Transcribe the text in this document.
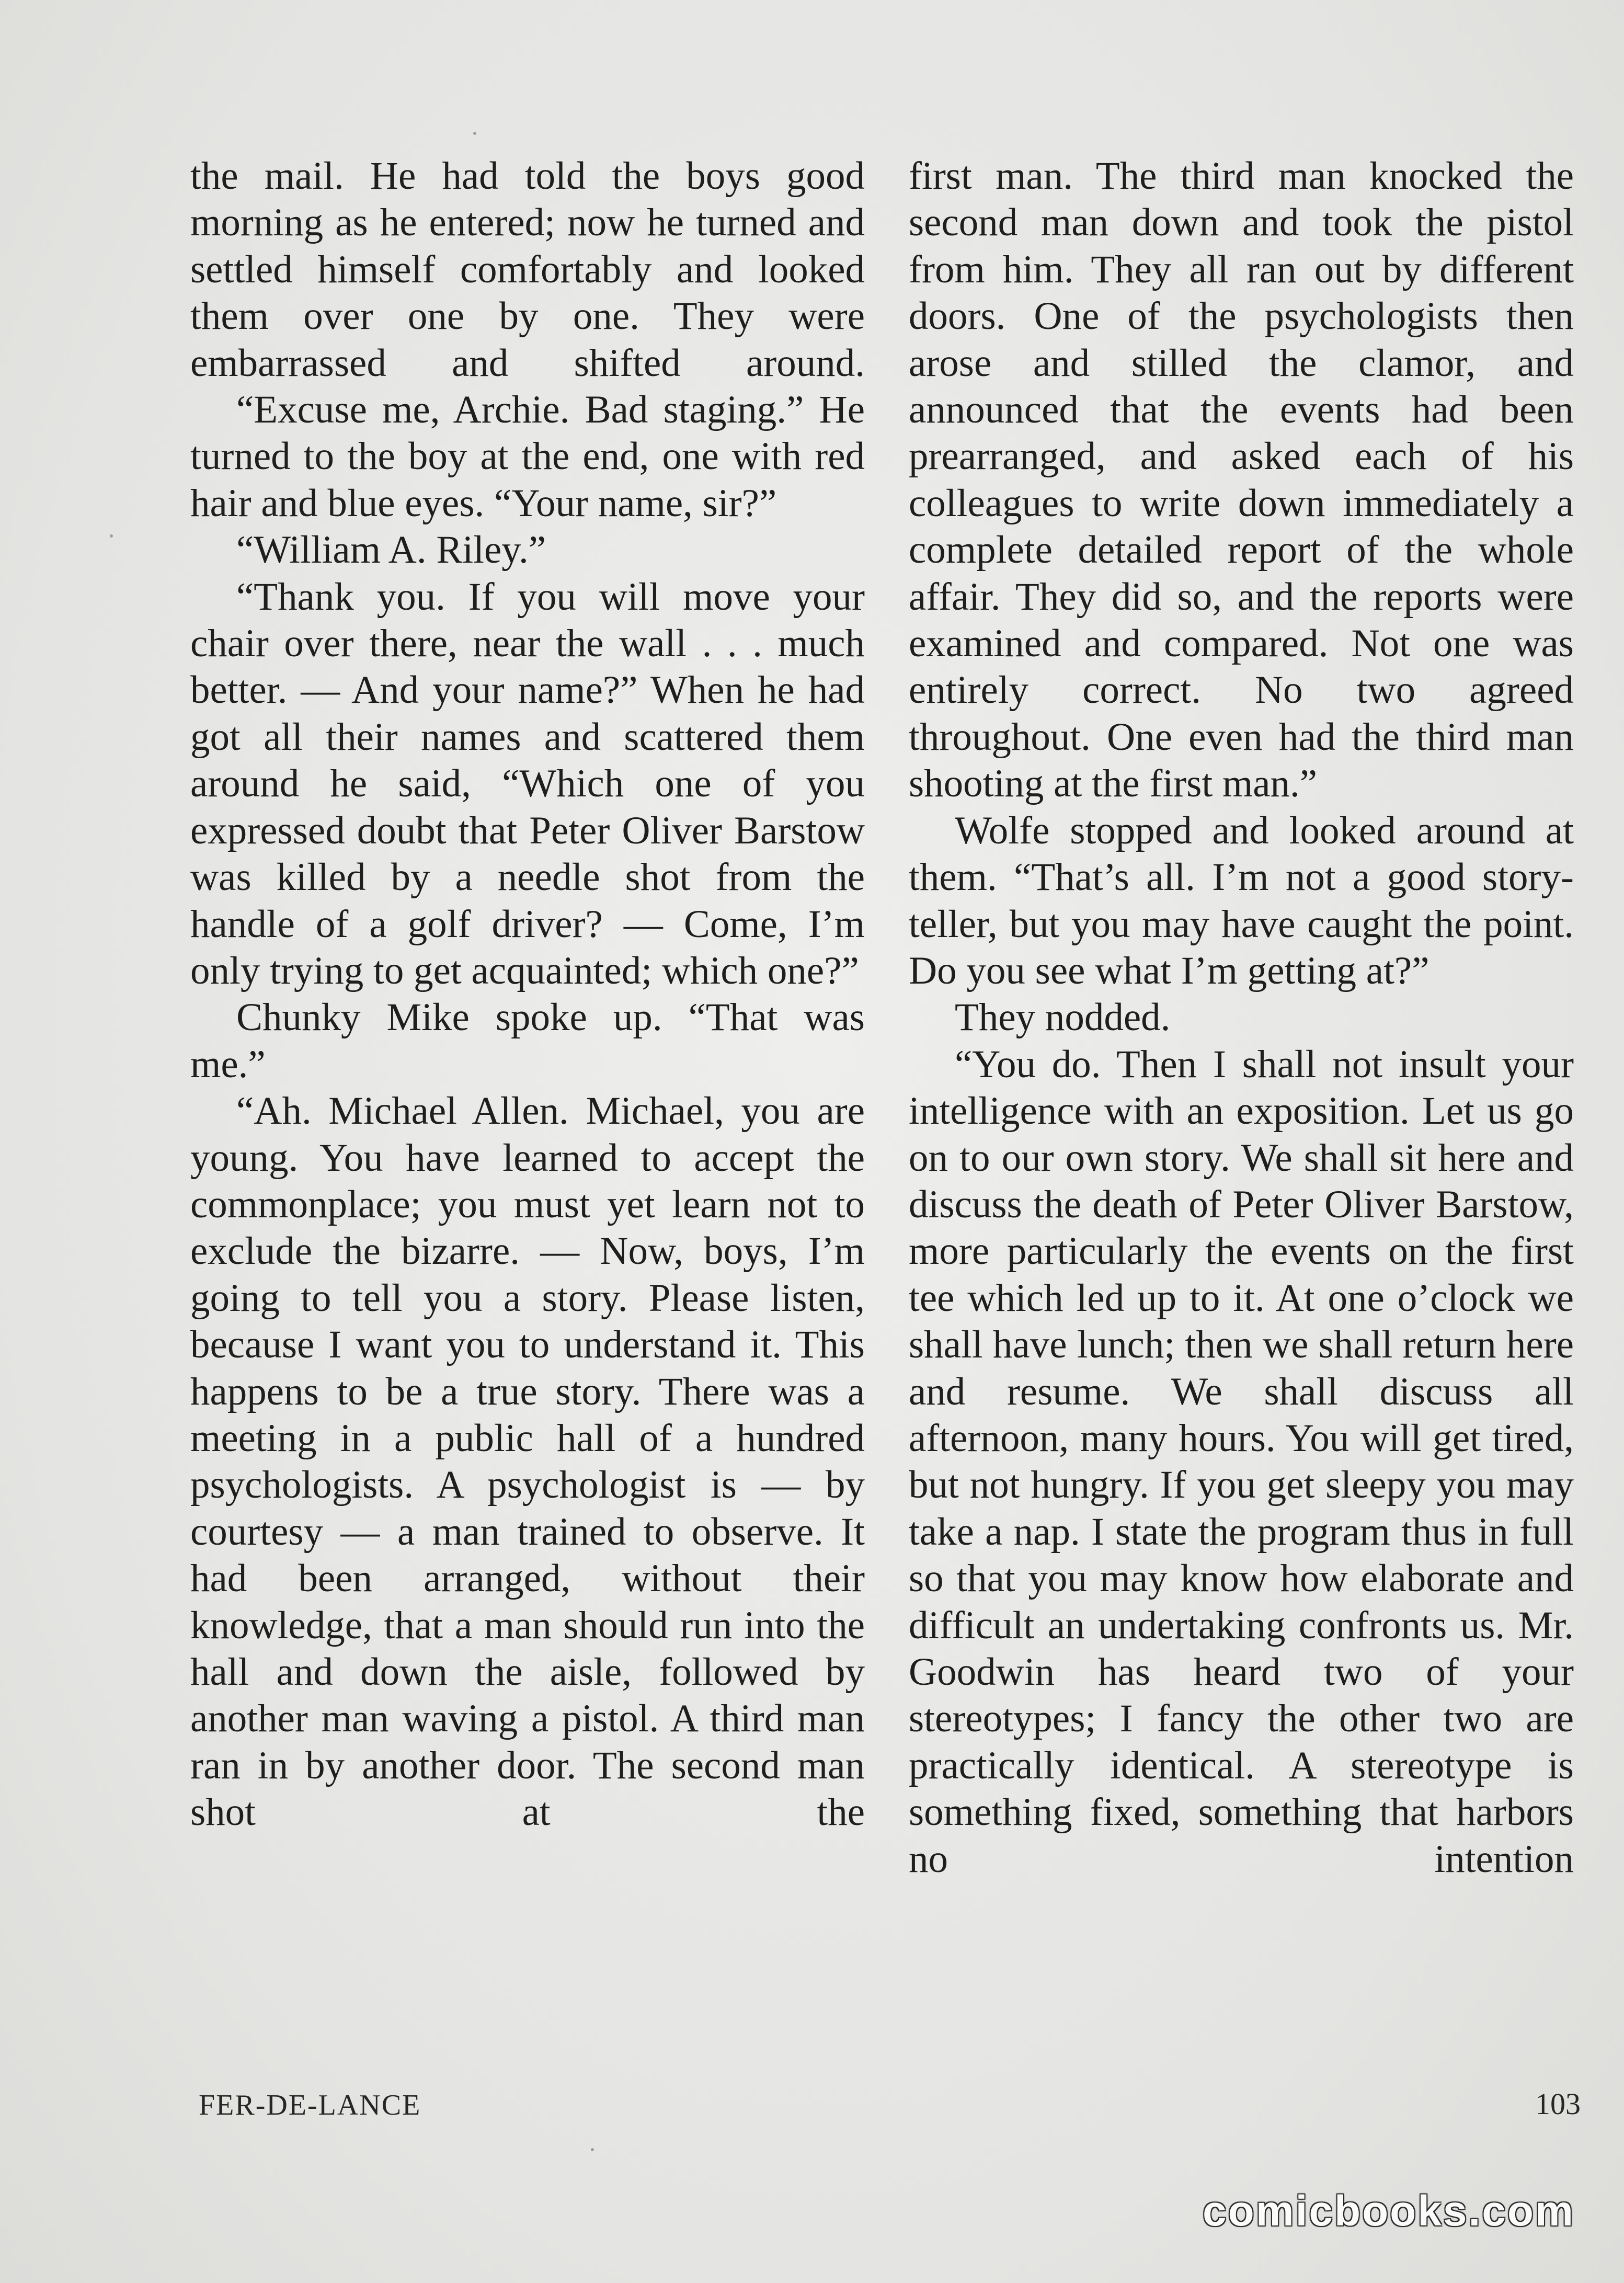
the mail. He had told the boys good morning as he entered; now he turned and settled himself comfortably and looked them over one by one. They were embarrassed and shifted around.

“Excuse me, Archie. Bad staging.” He turned to the boy at the end, one with red hair and blue eyes. “Your name, sir?”

“William A. Riley.”

“Thank you. If you will move your chair over there, near the wall . . . much better. — And your name?” When he had got all their names and scattered them around he said, “Which one of you expressed doubt that Peter Oliver Barstow was killed by a needle shot from the handle of a golf driver? — Come, I’m only trying to get acquainted; which one?”

Chunky Mike spoke up. “That was me.”

“Ah. Michael Allen. Michael, you are young. You have learned to accept the commonplace; you must yet learn not to exclude the bizarre. — Now, boys, I’m going to tell you a story. Please listen, because I want you to understand it. This happens to be a true story. There was a meeting in a public hall of a hundred psychologists. A psychologist is — by courtesy — a man trained to observe. It had been arranged, without their knowledge, that a man should run into the hall and down the aisle, followed by another man waving a pistol. A third man ran in by another door. The second man shot at the

first man. The third man knocked the second man down and took the pistol from him. They all ran out by different doors. One of the psychologists then arose and stilled the clamor, and announced that the events had been prearranged, and asked each of his colleagues to write down immediately a complete detailed report of the whole affair. They did so, and the reports were examined and compared. Not one was entirely correct. No two agreed throughout. One even had the third man shooting at the first man.”

Wolfe stopped and looked around at them. “That’s all. I’m not a good story-teller, but you may have caught the point. Do you see what I’m getting at?”

They nodded.

“You do. Then I shall not insult your intelligence with an exposition. Let us go on to our own story. We shall sit here and discuss the death of Peter Oliver Barstow, more particularly the events on the first tee which led up to it. At one o’clock we shall have lunch; then we shall return here and resume. We shall discuss all afternoon, many hours. You will get tired, but not hungry. If you get sleepy you may take a nap. I state the program thus in full so that you may know how elaborate and difficult an undertaking confronts us. Mr. Goodwin has heard two of your stereotypes; I fancy the other two are practically identical. A stereotype is something fixed, something that harbors no intention

FER-DE-LANCE	103
comicbooks.com
